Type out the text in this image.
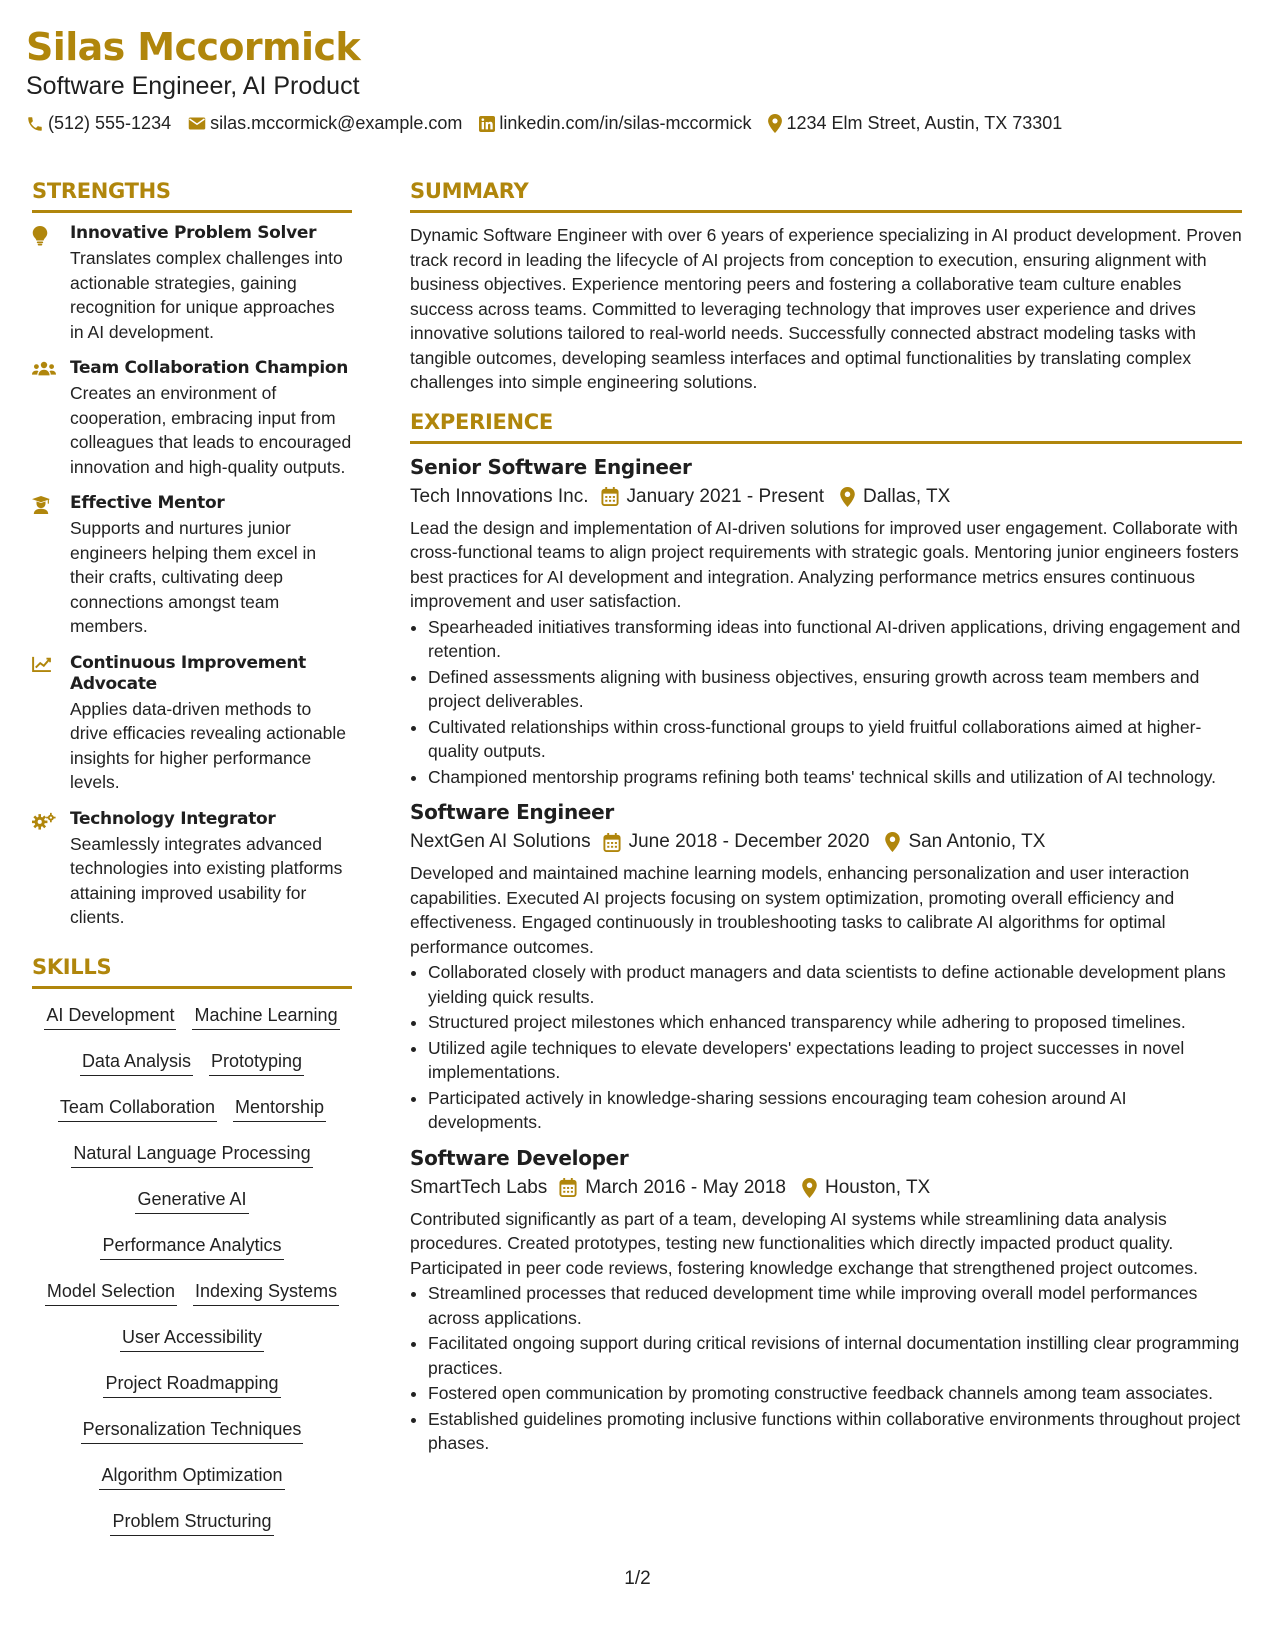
Silas Mccormick
Software Engineer, AI Product
(512) 555-1234 silas.mccormick@example.com linkedin.com/in/silas-mccormick 1234 Elm Street, Austin, TX 73301
STRENGTHS
Innovative Problem Solver
Translates complex challenges into actionable strategies, gaining recognition for unique approaches in AI development.
Team Collaboration Champion
Creates an environment of cooperation, embracing input from colleagues that leads to encouraged innovation and high-quality outputs.
Effective Mentor
Supports and nurtures junior engineers helping them excel in their crafts, cultivating deep connections amongst team members.
Continuous Improvement Advocate
Applies data-driven methods to drive efficacies revealing actionable insights for higher performance levels.
Technology Integrator
Seamlessly integrates advanced technologies into existing platforms attaining improved usability for clients.
SKILLS
AI Development Machine Learning
Data Analysis Prototyping
Team Collaboration Mentorship
Natural Language Processing
Generative AI
Performance Analytics
Model Selection Indexing Systems
User Accessibility
Project Roadmapping
Personalization Techniques
Algorithm Optimization
Problem Structuring
SUMMARY
Dynamic Software Engineer with over 6 years of experience specializing in AI product development. Proven track record in leading the lifecycle of AI projects from conception to execution, ensuring alignment with business objectives. Experience mentoring peers and fostering a collaborative team culture enables success across teams. Committed to leveraging technology that improves user experience and drives innovative solutions tailored to real-world needs. Successfully connected abstract modeling tasks with tangible outcomes, developing seamless interfaces and optimal functionalities by translating complex challenges into simple engineering solutions.
EXPERIENCE
Senior Software Engineer
Tech Innovations Inc. January 2021 - Present Dallas, TX
Lead the design and implementation of AI-driven solutions for improved user engagement. Collaborate with cross-functional teams to align project requirements with strategic goals. Mentoring junior engineers fosters best practices for AI development and integration. Analyzing performance metrics ensures continuous improvement and user satisfaction.
• Spearheaded initiatives transforming ideas into functional AI-driven applications, driving engagement and retention.
• Defined assessments aligning with business objectives, ensuring growth across team members and project deliverables.
• Cultivated relationships within cross-functional groups to yield fruitful collaborations aimed at higher-quality outputs.
• Championed mentorship programs refining both teams' technical skills and utilization of AI technology.
Software Engineer
NextGen AI Solutions June 2018 - December 2020 San Antonio, TX
Developed and maintained machine learning models, enhancing personalization and user interaction capabilities. Executed AI projects focusing on system optimization, promoting overall efficiency and effectiveness. Engaged continuously in troubleshooting tasks to calibrate AI algorithms for optimal performance outcomes.
• Collaborated closely with product managers and data scientists to define actionable development plans yielding quick results.
• Structured project milestones which enhanced transparency while adhering to proposed timelines.
• Utilized agile techniques to elevate developers' expectations leading to project successes in novel implementations.
• Participated actively in knowledge-sharing sessions encouraging team cohesion around AI developments.
Software Developer
SmartTech Labs March 2016 - May 2018 Houston, TX
Contributed significantly as part of a team, developing AI systems while streamlining data analysis procedures. Created prototypes, testing new functionalities which directly impacted product quality. Participated in peer code reviews, fostering knowledge exchange that strengthened project outcomes.
• Streamlined processes that reduced development time while improving overall model performances across applications.
• Facilitated ongoing support during critical revisions of internal documentation instilling clear programming practices.
• Fostered open communication by promoting constructive feedback channels among team associates.
• Established guidelines promoting inclusive functions within collaborative environments throughout project phases.
1/2
